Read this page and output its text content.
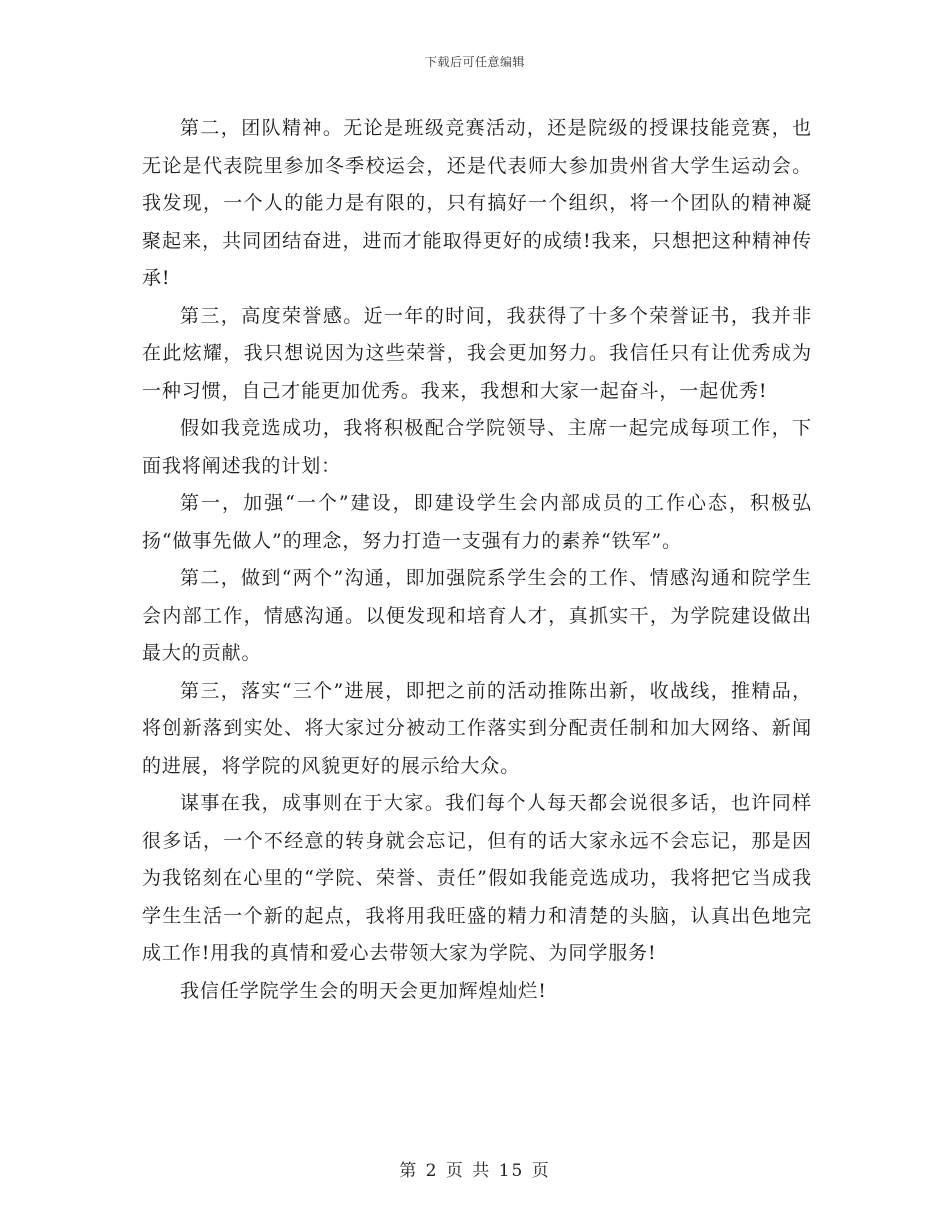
下载后可任意编辑

第二，团队精神。无论是班级竞赛活动，还是院级的授课技能竞赛，也无论是代表院里参加冬季校运会，还是代表师大参加贵州省大学生运动会。我发现，一个人的能力是有限的，只有搞好一个组织，将一个团队的精神凝聚起来，共同团结奋进，进而才能取得更好的成绩!我来，只想把这种精神传承!

第三，高度荣誉感。近一年的时间，我获得了十多个荣誉证书，我并非在此炫耀，我只想说因为这些荣誉，我会更加努力。我信任只有让优秀成为一种习惯，自己才能更加优秀。我来，我想和大家一起奋斗，一起优秀!

假如我竞选成功，我将积极配合学院领导、主席一起完成每项工作，下面我将阐述我的计划：

第一，加强“一个”建设，即建设学生会内部成员的工作心态，积极弘扬“做事先做人”的理念，努力打造一支强有力的素养“铁军”。

第二，做到“两个”沟通，即加强院系学生会的工作、情感沟通和院学生会内部工作，情感沟通。以便发现和培育人才，真抓实干，为学院建设做出最大的贡献。

第三，落实“三个”进展，即把之前的活动推陈出新，收战线，推精品，将创新落到实处、将大家过分被动工作落实到分配责任制和加大网络、新闻的进展，将学院的风貌更好的展示给大众。

谋事在我，成事则在于大家。我们每个人每天都会说很多话，也许同样很多话，一个不经意的转身就会忘记，但有的话大家永远不会忘记，那是因为我铭刻在心里的“学院、荣誉、责任”假如我能竞选成功，我将把它当成我学生生活一个新的起点，我将用我旺盛的精力和清楚的头脑，认真出色地完成工作!用我的真情和爱心去带领大家为学院、为同学服务!

我信任学院学生会的明天会更加辉煌灿烂!

第 2 页 共 15 页
